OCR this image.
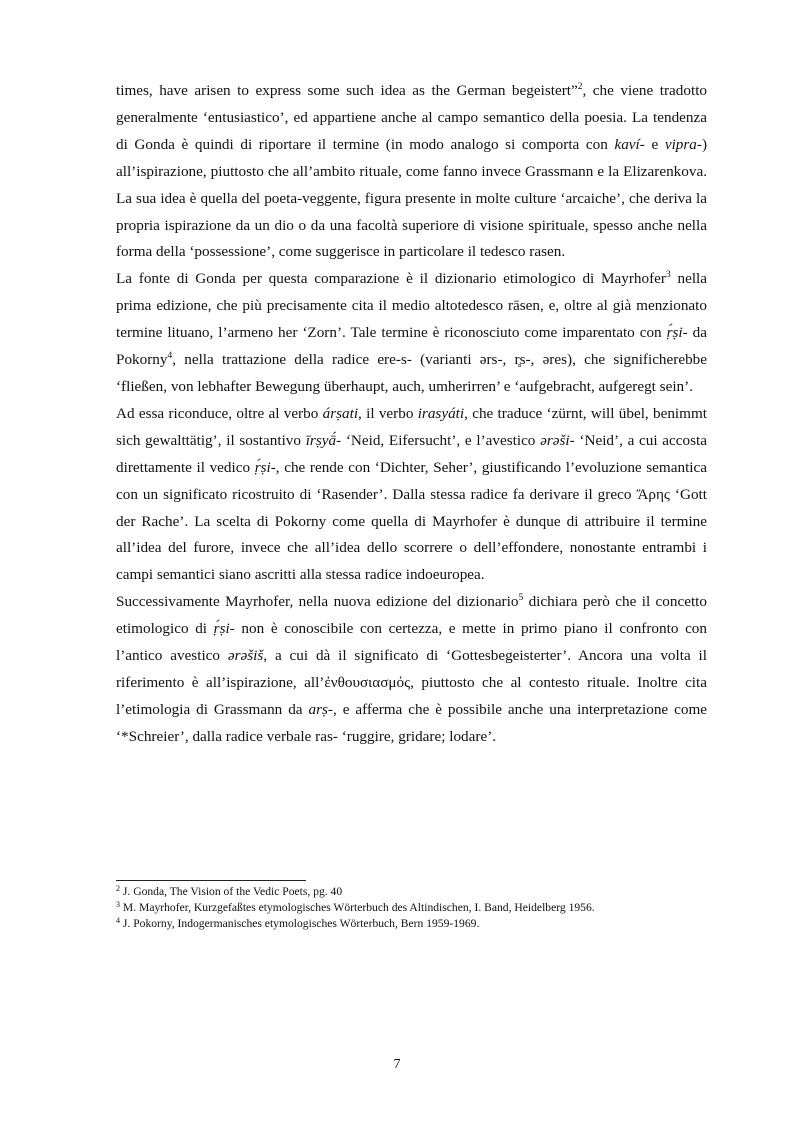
times, have arisen to express some such idea as the German begeistert”$^2$, che viene tradotto generalmente ‘entusiastico’, ed appartiene anche al campo semantico della poesia. La tendenza di Gonda è quindi di riportare il termine (in modo analogo si comporta con kaví- e vipra-) all’ispirazione, piuttosto che all’ambito rituale, come fanno invece Grassmann e la Elizarenkova. La sua idea è quella del poeta-veggente, figura presente in molte culture ‘arcaiche’, che deriva la propria ispirazione da un dio o da una facoltà superiore di visione spirituale, spesso anche nella forma della ‘possessione’, come suggerisce in particolare il tedesco rasen.

La fonte di Gonda per questa comparazione è il dizionario etimologico di Mayrhofer$^3$ nella prima edizione, che più precisamente cita il medio altotedesco rāsen, e, oltre al già menzionato termine lituano, l’armeno her ‘Zorn’. Tale termine è riconosciuto come imparentato con ṛ́ṣi- da Pokorny$^4$, nella trattazione della radice ere-s- (varianti ərs-, r̥s-, əres), che significherebbe ‘fließen, von lebhafter Bewegung überhaupt, auch, umherirren’ e ‘aufgebracht, aufgeregt sein’.

Ad essa riconduce, oltre al verbo árṣati, il verbo irasyáti, che traduce ‘zürnt, will übel, benimmt sich gewalttätig’, il sostantivo īrṣyā́- ‘Neid, Eifersucht’, e l’avestico ərəši- ‘Neid’, a cui accosta direttamente il vedico ṛ́ṣi-, che rende con ‘Dichter, Seher’, giustificando l’evoluzione semantica con un significato ricostruito di ‘Rasender’. Dalla stessa radice fa derivare il greco Ἄρης ‘Gott der Rache’. La scelta di Pokorny come quella di Mayrhofer è dunque di attribuire il termine all’idea del furore, invece che all’idea dello scorrere o dell’effondere, nonostante entrambi i campi semantici siano ascritti alla stessa radice indoeuropea.

Successivamente Mayrhofer, nella nuova edizione del dizionario$^5$ dichiara però che il concetto etimologico di ṛ́ṣi- non è conoscibile con certezza, e mette in primo piano il confronto con l’antico avestico ərəšiš, a cui dà il significato di ‘Gottesbegeisterter’. Ancora una volta il riferimento è all’ispirazione, all’ἐνθουσιασμός, piuttosto che al contesto rituale. Inoltre cita l’etimologia di Grassmann da arṣ-, e afferma che è possibile anche una interpretazione come ‘*Schreier’, dalla radice verbale ras- ‘ruggire, gridare; lodare’.

$^2$ J. Gonda, The Vision of the Vedic Poets, pg. 40
$^3$ M. Mayrhofer, Kurzgefaßtes etymologisches Wörterbuch des Altindischen, I. Band, Heidelberg 1956.
$^4$ J. Pokorny, Indogermanisches etymologisches Wörterbuch, Bern 1959-1969.
7
